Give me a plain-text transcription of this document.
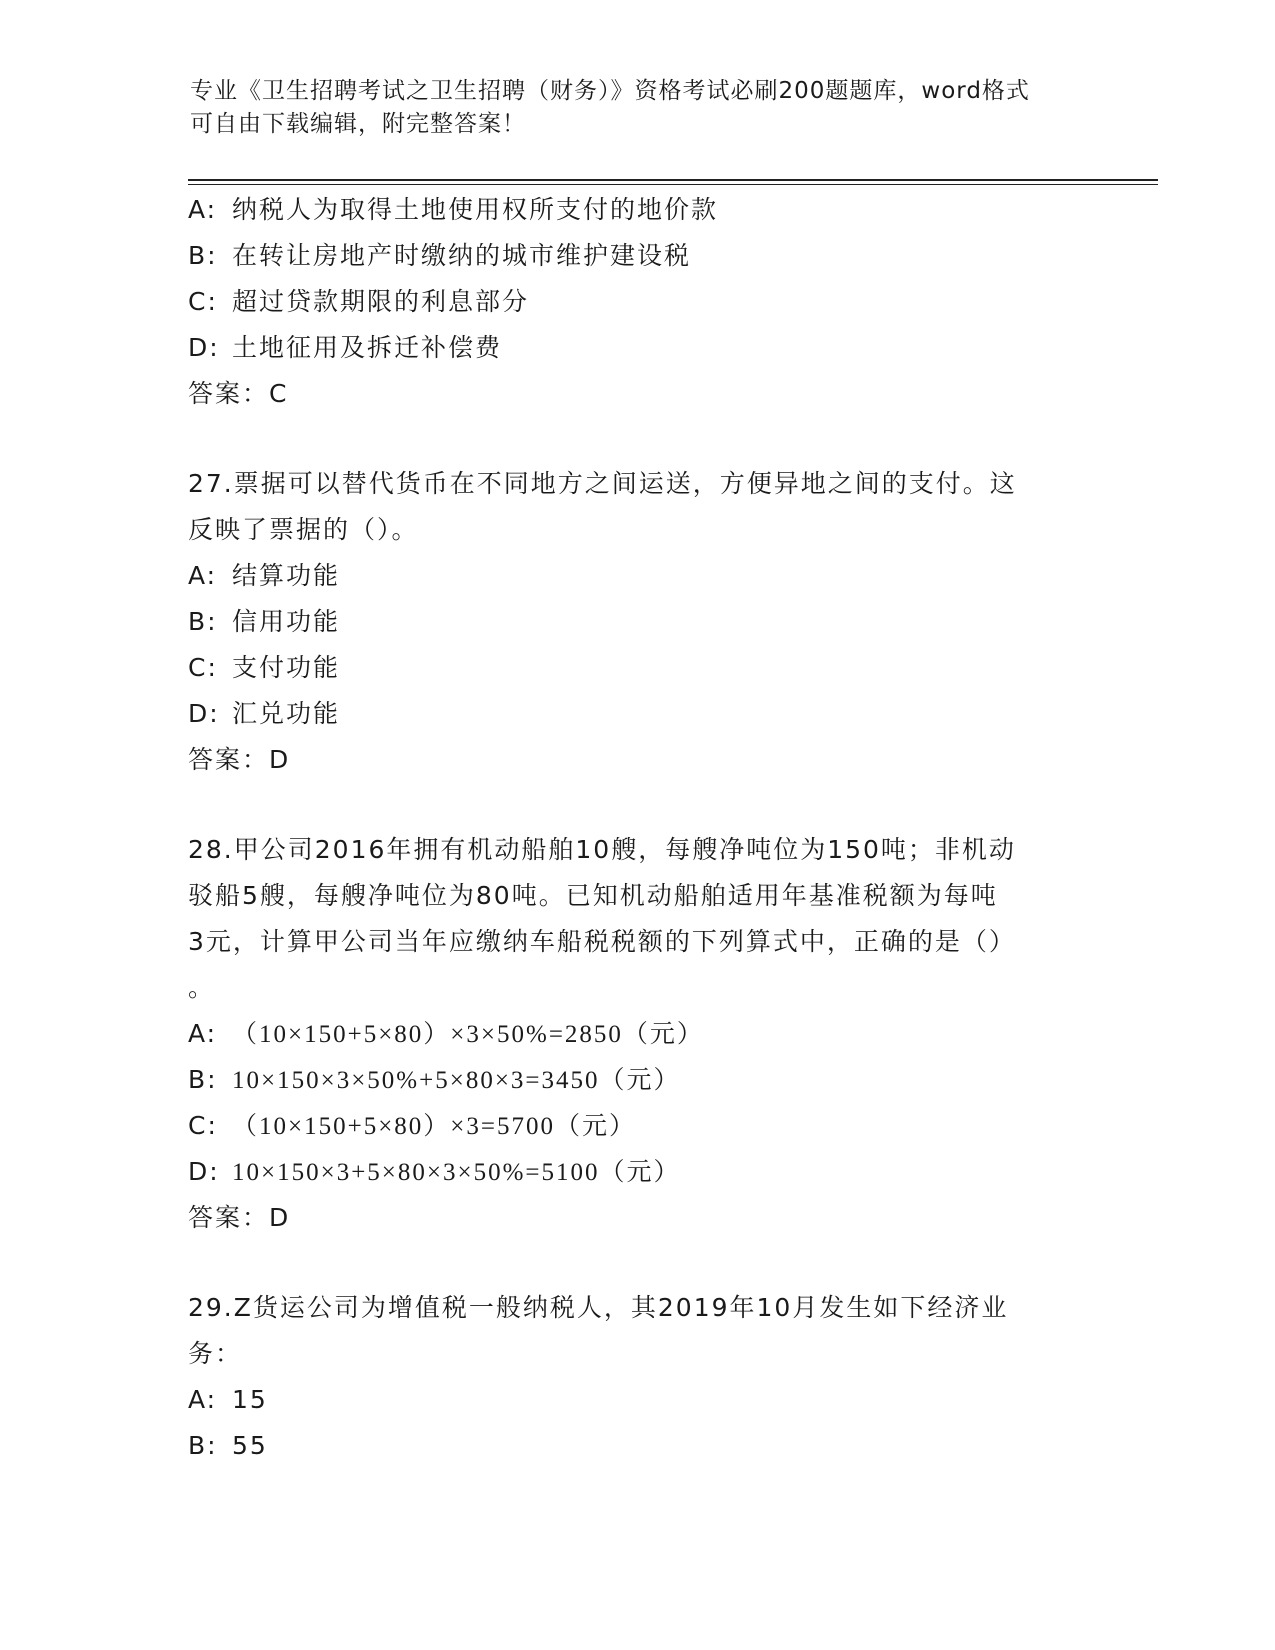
专业《卫生招聘考试之卫生招聘（财务）》资格考试必刷200题题库，word格式

可自由下载编辑，附完整答案！

A: 纳税人为取得土地使用权所支付的地价款
B: 在转让房地产时缴纳的城市维护建设税
C: 超过贷款期限的利息部分
D: 土地征用及拆迁补偿费
答案：C
27.票据可以替代货币在不同地方之间运送，方便异地之间的支付。这
反映了票据的（）。
A: 结算功能
B: 信用功能
C: 支付功能
D: 汇兑功能
答案：D
28.甲公司2016年拥有机动船舶10艘，每艘净吨位为150吨；非机动
驳船5艘，每艘净吨位为80吨。已知机动船舶适用年基准税额为每吨
3元，计算甲公司当年应缴纳车船税税额的下列算式中，正确的是（）
。
A: （10×150+5×80）×3×50%=2850（元）
B: 10×150×3×50%+5×80×3=3450（元）
C: （10×150+5×80）×3=5700（元）
D: 10×150×3+5×80×3×50%=5100（元）
答案：D
29.Z货运公司为增值税一般纳税人，其2019年10月发生如下经济业
务：
A: 15
B: 55
